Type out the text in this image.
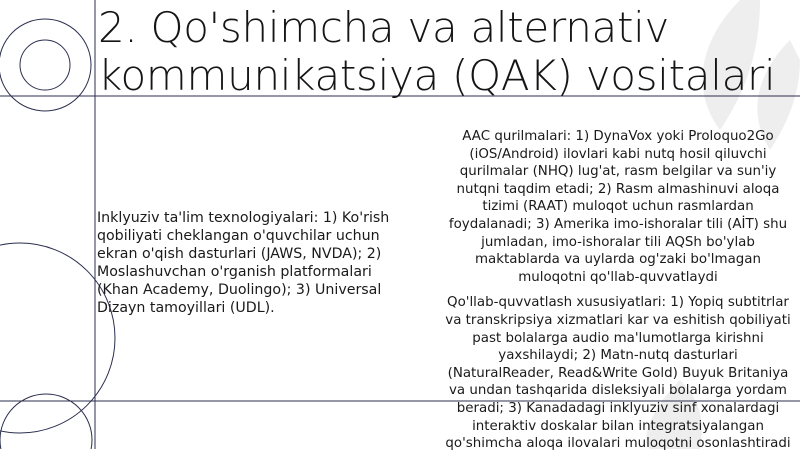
2. Qo'shimcha va alternativ kommunikatsiya (QAK) vositalari
Inklyuziv ta'lim texnologiyalari: 1) Ko'rish qobiliyati cheklangan o'quvchilar uchun ekran o'qish dasturlari (JAWS, NVDA); 2) Moslashuvchan o'rganish platformalari (Khan Academy, Duolingo); 3) Universal Dizayn tamoyillari (UDL).

AAC qurilmalari: 1) DynaVox yoki Proloquo2Go (iOS/Android) ilovlari kabi nutq hosil qiluvchi qurilmalar (NHQ) lug'at, rasm belgilar va sun'iy nutqni taqdim etadi; 2) Rasm almashinuvi aloqa tizimi (RAAT) muloqot uchun rasmlardan foydalanadi; 3) Amerika imo-ishoralar tili (AİT) shu jumladan, imo-ishoralar tili AQSh bo'ylab maktablarda va uylarda og'zaki bo'lmagan muloqotni qo'llab-quvvatlaydi

Qo'llab-quvvatlash xususiyatlari: 1) Yopiq subtitrlar va transkripsiya xizmatlari kar va eshitish qobiliyati past bolalarga audio ma'lumotlarga kirishni yaxshilaydi; 2) Matn-nutq dasturlari (NaturalReader, Read&Write Gold) Buyuk Britaniya va undan tashqarida disleksiyali bolalarga yordam beradi; 3) Kanadadagi inklyuziv sinf xonalardagi interaktiv doskalar bilan integratsiyalangan qo'shimcha aloqa ilovalari muloqotni osonlashtiradi
